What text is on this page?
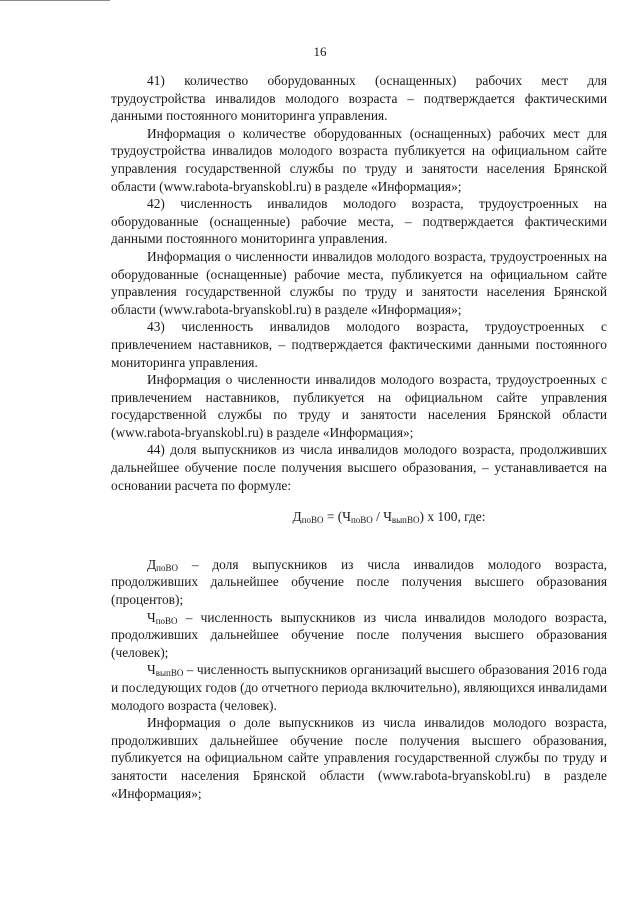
16

41) количество оборудованных (оснащенных) рабочих мест для трудоустройства инвалидов молодого возраста – подтверждается фактическими данными постоянного мониторинга управления.

Информация о количестве оборудованных (оснащенных) рабочих мест для трудоустройства инвалидов молодого возраста публикуется на официальном сайте управления государственной службы по труду и занятости населения Брянской области (www.rabota-bryanskobl.ru) в разделе «Информация»;

42) численность инвалидов молодого возраста, трудоустроенных на оборудованные (оснащенные) рабочие места, – подтверждается фактическими данными постоянного мониторинга управления.

Информация о численности инвалидов молодого возраста, трудоустроенных на оборудованные (оснащенные) рабочие места, публикуется на официальном сайте управления государственной службы по труду и занятости населения Брянской области (www.rabota-bryanskobl.ru) в разделе «Информация»;

43) численность инвалидов молодого возраста, трудоустроенных с привлечением наставников, – подтверждается фактическими данными постоянного мониторинга управления.

Информация о численности инвалидов молодого возраста, трудоустроенных с привлечением наставников, публикуется на официальном сайте управления государственной службы по труду и занятости населения Брянской области (www.rabota-bryanskobl.ru) в разделе «Информация»;

44) доля выпускников из числа инвалидов молодого возраста, продолживших дальнейшее обучение после получения высшего образования, – устанавливается на основании расчета по формуле:

$Д_{поВО} = (Ч_{поВО} / Ч_{выпВО})$ х 100, где:

$Д_{поВО}$ – доля выпускников из числа инвалидов молодого возраста, продолживших дальнейшее обучение после получения высшего образования (процентов);

$Ч_{поВО}$ – численность выпускников из числа инвалидов молодого возраста, продолживших дальнейшее обучение после получения высшего образования (человек);

$Ч_{выпВО}$ – численность выпускников организаций высшего образования 2016 года и последующих годов (до отчетного периода включительно), являющихся инвалидами молодого возраста (человек).

Информация о доле выпускников из числа инвалидов молодого возраста, продолживших дальнейшее обучение после получения высшего образования, публикуется на официальном сайте управления государственной службы по труду и занятости населения Брянской области (www.rabota-bryanskobl.ru) в разделе «Информация»;
